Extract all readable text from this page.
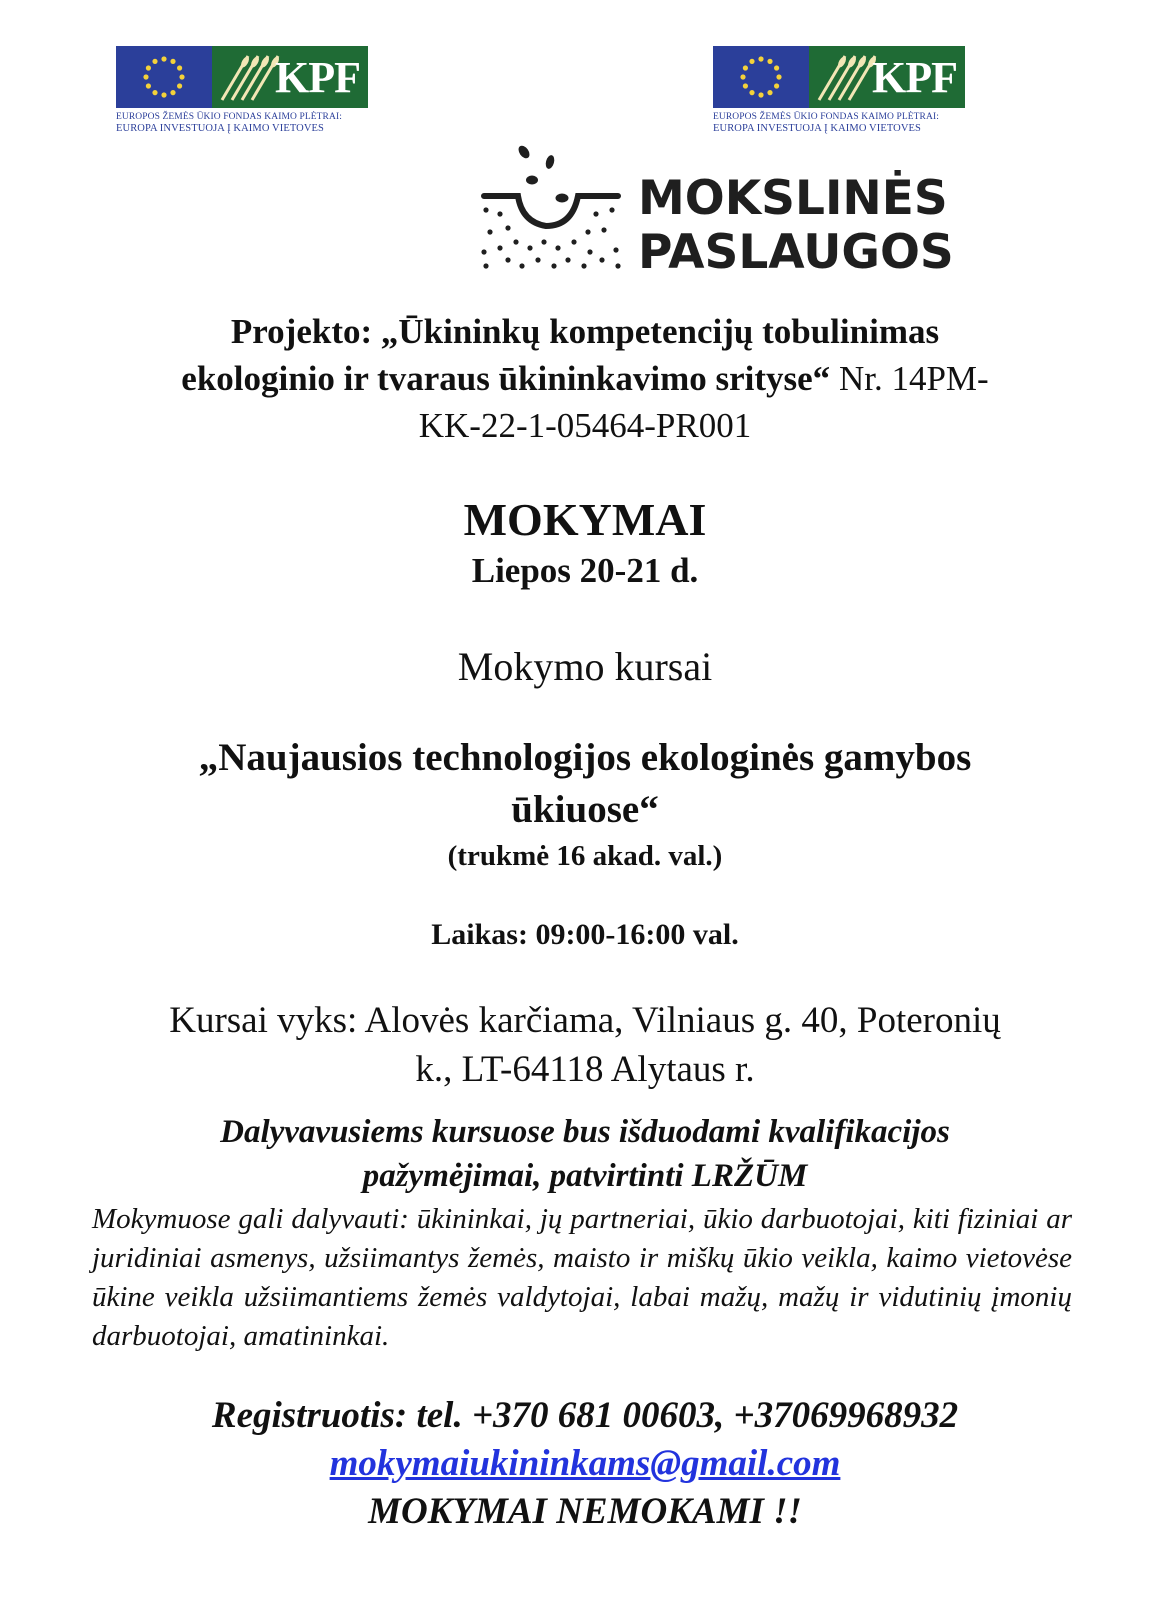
KPF
EUROPOS ŽEMĖS ŪKIO FONDAS KAIMO PLĖTRAI:
EUROPA INVESTUOJA Į KAIMO VIETOVES
KPF
EUROPOS ŽEMĖS ŪKIO FONDAS KAIMO PLĖTRAI:
EUROPA INVESTUOJA Į KAIMO VIETOVES
MOKSLINĖS
PASLAUGOS
Projekto: „Ūkininkų kompetencijų tobulinimas
ekologinio ir tvaraus ūkininkavimo srityse“ Nr. 14PM-
KK-22-1-05464-PR001
MOKYMAI
Liepos 20-21 d.
Mokymo kursai
„Naujausios technologijos ekologinės gamybos
ūkiuose“
(trukmė 16 akad. val.)
Laikas: 09:00-16:00 val.
Kursai vyks: Alovės karčiama, Vilniaus g. 40, Poteronių
k., LT-64118 Alytaus r.
Dalyvavusiems kursuose bus išduodami kvalifikacijos
pažymėjimai, patvirtinti LRŽŪM
Mokymuose gali dalyvauti: ūkininkai, jų partneriai, ūkio darbuotojai, kiti fiziniai ar juridiniai asmenys, užsiimantys žemės, maisto ir miškų ūkio veikla, kaimo vietovėse ūkine veikla užsiimantiems žemės valdytojai, labai mažų, mažų ir vidutinių įmonių darbuotojai, amatininkai.
Registruotis: tel. +370 681 00603, +37069968932
mokymaiukininkams@gmail.com
MOKYMAI NEMOKAMI !!
